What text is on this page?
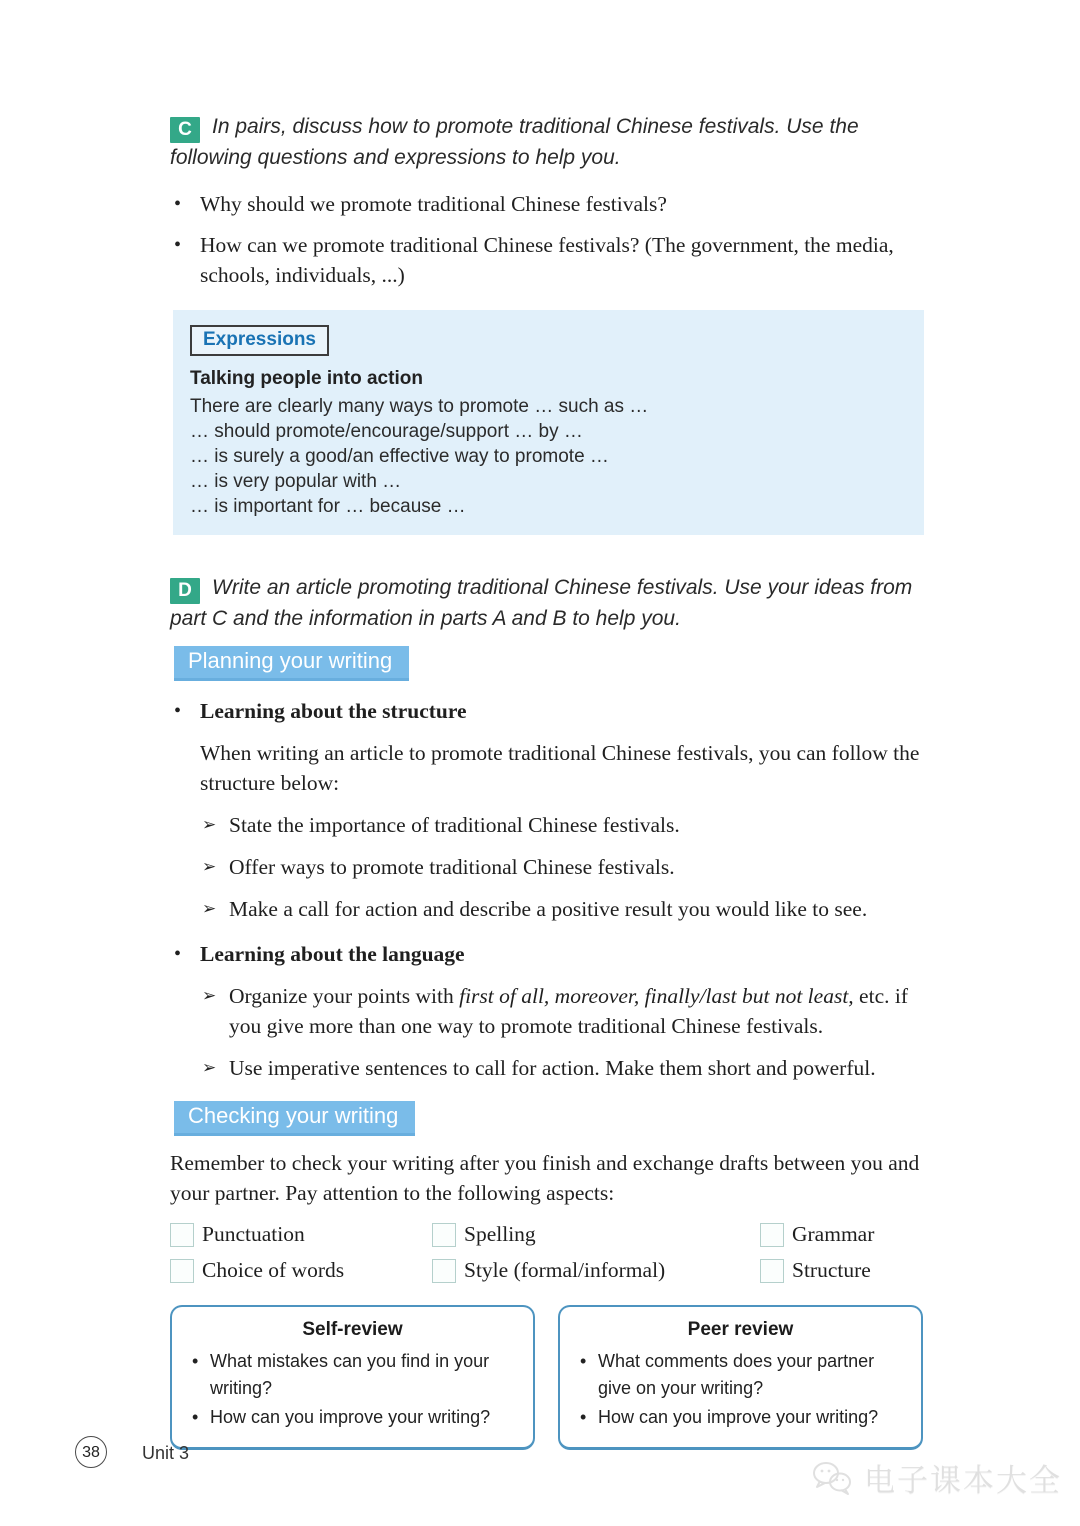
C In pairs, discuss how to promote traditional Chinese festivals. Use the following questions and expressions to help you.

• Why should we promote traditional Chinese festivals?
• How can we promote traditional Chinese festivals? (The government, the media, schools, individuals, ...)
Expressions
Talking people into action
There are clearly many ways to promote … such as …
… should promote/encourage/support … by …
… is surely a good/an effective way to promote …
… is very popular with …
… is important for … because …

D Write an article promoting traditional Chinese festivals. Use your ideas from part C and the information in parts A and B to help you.

Planning your writing
• Learning about the structure

When writing an article to promote traditional Chinese festivals, you can follow the structure below:

➢ State the importance of traditional Chinese festivals.
➢ Offer ways to promote traditional Chinese festivals.
➢ Make a call for action and describe a positive result you would like to see.
• Learning about the language
➢ Organize your points with first of all, moreover, finally/last but not least, etc. if you give more than one way to promote traditional Chinese festivals.
➢ Use imperative sentences to call for action. Make them short and powerful.
Checking your writing

Remember to check your writing after you finish and exchange drafts between you and your partner. Pay attention to the following aspects:

Punctuation	Spelling	Grammar
Choice of words	Style (formal/informal)	Structure
Self-review
• What mistakes can you find in your writing?
• How can you improve your writing?
Peer review
• What comments does your partner give on your writing?
• How can you improve your writing?
38	Unit 3
电子课本大全
